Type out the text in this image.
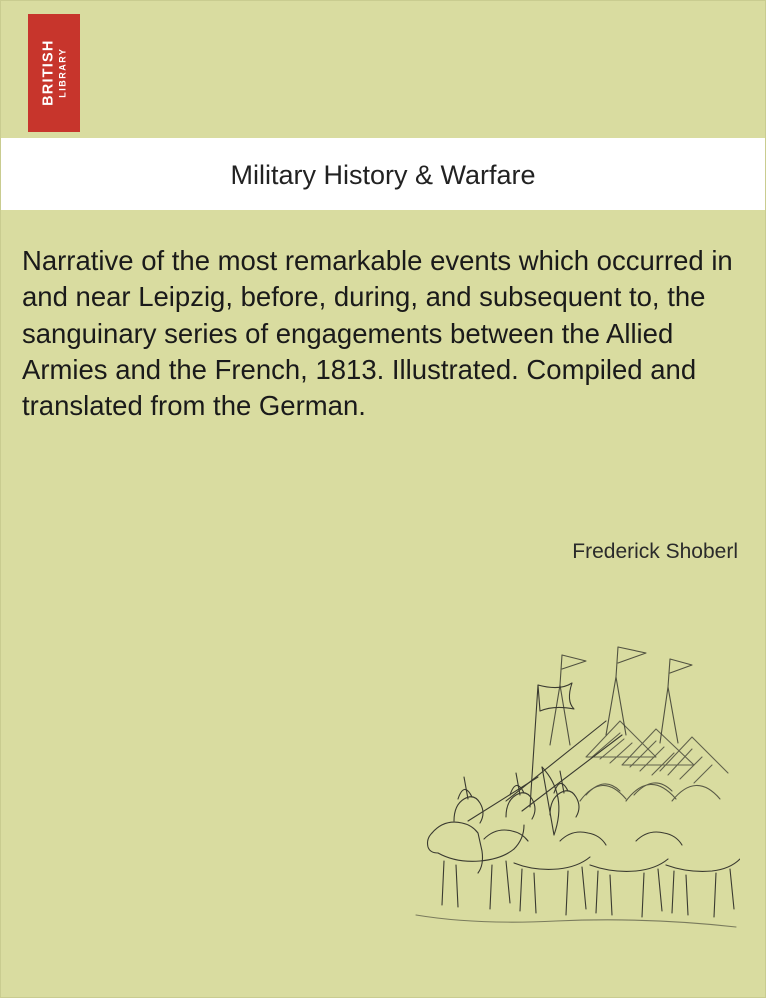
BRITISH LIBRARY
Military History & Warfare
Narrative of the most remarkable events which occurred in and near Leipzig, before, during, and subsequent to, the sanguinary series of engagements between the Allied Armies and the French, 1813. Illustrated. Compiled and translated from the German.
Frederick Shoberl
